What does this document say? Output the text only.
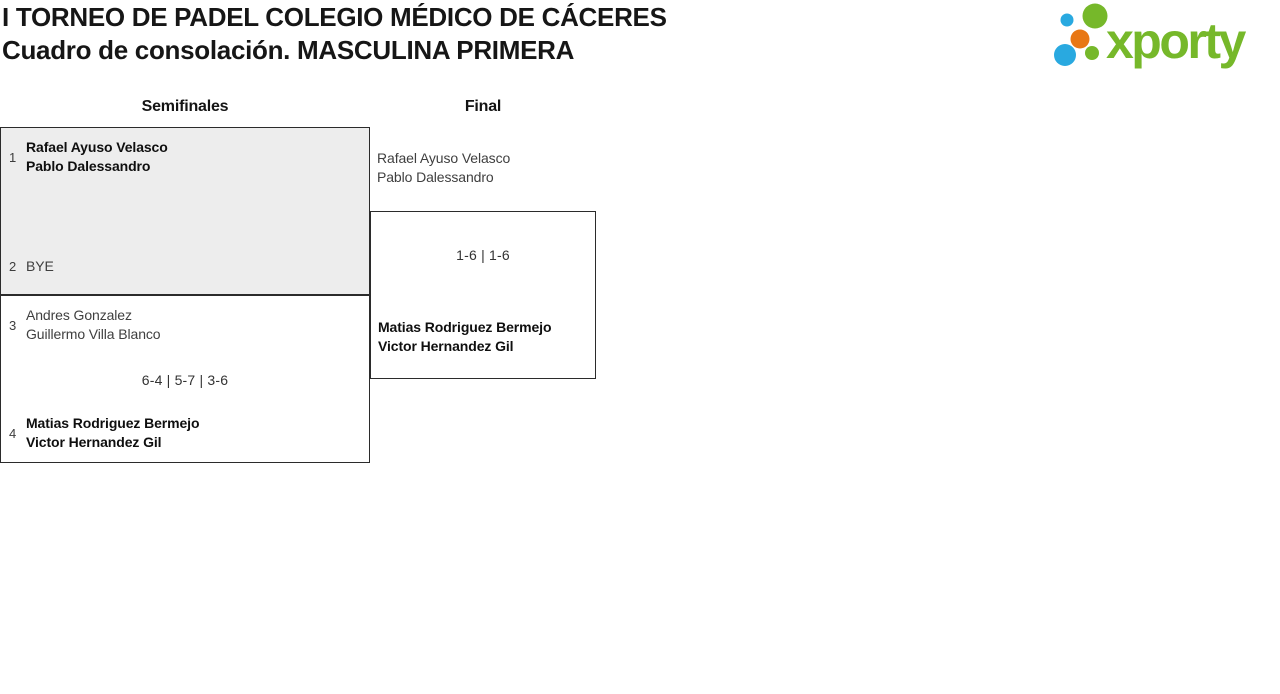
I TORNEO DE PADEL COLEGIO MÉDICO DE CÁCERES
Cuadro de consolación. MASCULINA PRIMERA	xporty
Semifinales	Final
1
Rafael Ayuso Velasco
Pablo Dalessandro
2 BYE
3
Andres Gonzalez
Guillermo Villa Blanco
6-4 | 5-7 | 3-6
4
Matias Rodriguez Bermejo
Victor Hernandez Gil
Rafael Ayuso Velasco
Pablo Dalessandro
1-6 | 1-6
Matias Rodriguez Bermejo
Victor Hernandez Gil
